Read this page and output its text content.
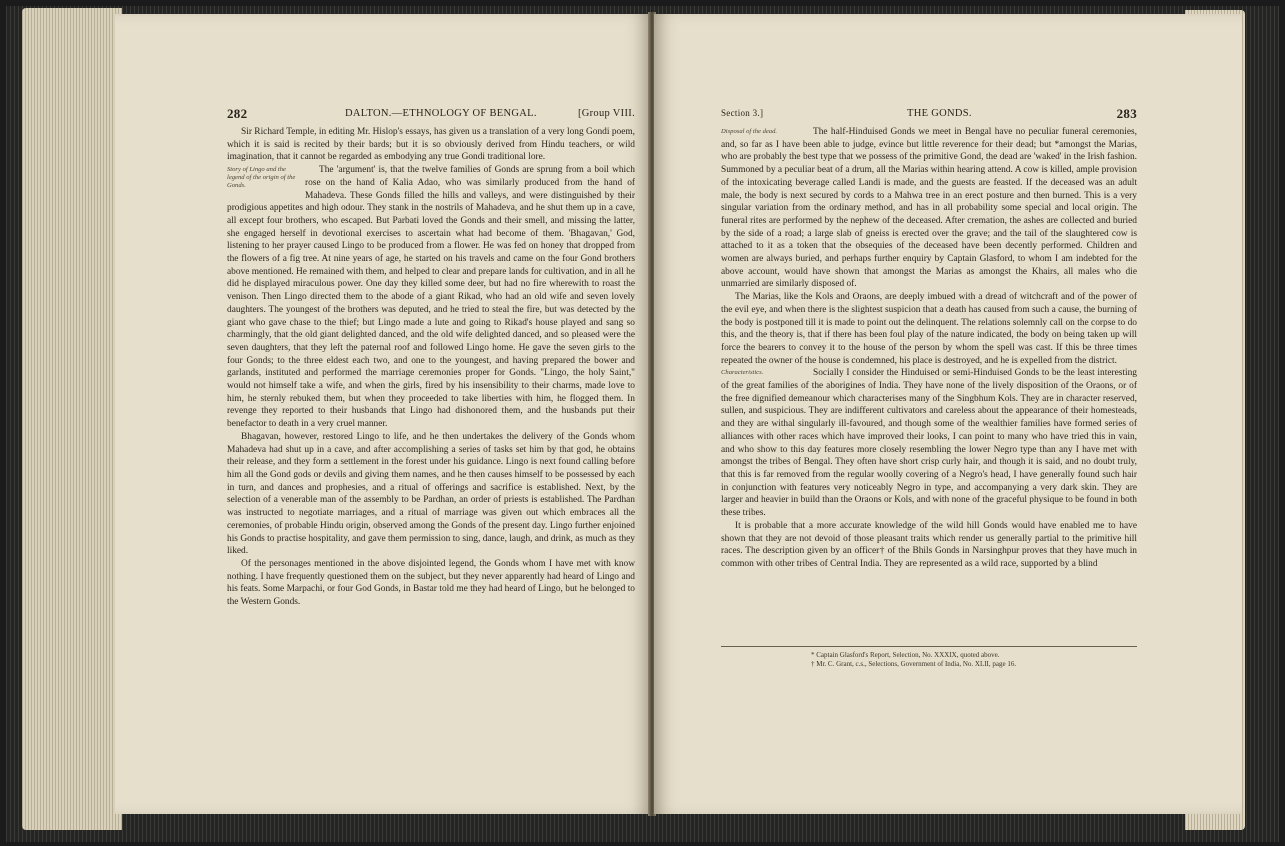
282	DALTON.—ETHNOLOGY OF BENGAL.	[Group VIII.

Sir Richard Temple, in editing Mr. Hislop's essays, has given us a translation of a very long Gondi poem, which it is said is recited by their bards; but it is so obviously derived from Hindu teachers, or wild imagination, that it cannot be regarded as embodying any true Gondi traditional lore.

Story of Lingo and the legend of the origin of the Gonds.

The 'argument' is, that the twelve families of Gonds are sprung from a boil which rose on the hand of Kalia Adao, who was similarly produced from the hand of Mahadeva. These Gonds filled the hills and valleys, and were distinguished by their prodigious appetites and high odour. They stank in the nostrils of Mahadeva, and he shut them up in a cave, all except four brothers, who escaped. But Parbati loved the Gonds and their smell, and missing the latter, she engaged herself in devotional exercises to ascertain what had become of them. 'Bhagavan,' God, listening to her prayer caused Lingo to be produced from a flower. He was fed on honey that dropped from the flowers of a fig tree. At nine years of age, he started on his travels and came on the four Gond brothers above mentioned. He remained with them, and helped to clear and prepare lands for cultivation, and in all he did he displayed miraculous power. One day they killed some deer, but had no fire wherewith to roast the venison. Then Lingo directed them to the abode of a giant Rikad, who had an old wife and seven lovely daughters. The youngest of the brothers was deputed, and he tried to steal the fire, but was detected by the giant who gave chase to the thief; but Lingo made a lute and going to Rikad's house played and sang so charmingly, that the old giant delighted danced, and the old wife delighted danced, and so pleased were the seven daughters, that they left the paternal roof and followed Lingo home. He gave the seven girls to the four Gonds; to the three eldest each two, and one to the youngest, and having prepared the bower and garlands, instituted and performed the marriage ceremonies proper for Gonds. "Lingo, the holy Saint," would not himself take a wife, and when the girls, fired by his insensibility to their charms, made love to him, he sternly rebuked them, but when they proceeded to take liberties with him, he flogged them. In revenge they reported to their husbands that Lingo had dishonored them, and the husbands put their benefactor to death in a very cruel manner.

Bhagavan, however, restored Lingo to life, and he then undertakes the delivery of the Gonds whom Mahadeva had shut up in a cave, and after accomplishing a series of tasks set him by that god, he obtains their release, and they form a settlement in the forest under his guidance. Lingo is next found calling before him all the Gond gods or devils and giving them names, and he then causes himself to be possessed by each in turn, and dances and prophesies, and a ritual of offerings and sacrifice is established. Next, by the selection of a venerable man of the assembly to be Pardhan, an order of priests is established. The Pardhan was instructed to negotiate marriages, and a ritual of marriage was given out which embraces all the ceremonies, of probable Hindu origin, observed among the Gonds of the present day. Lingo further enjoined his Gonds to practise hospitality, and gave them permission to sing, dance, laugh, and drink, as much as they liked.

Of the personages mentioned in the above disjointed legend, the Gonds whom I have met with know nothing. I have frequently questioned them on the subject, but they never apparently had heard of Lingo and his feats. Some Marpachi, or four God Gonds, in Bastar told me they had heard of Lingo, but he belonged to the Western Gonds.

Section 3.]	THE GONDS.	283
Disposal of the dead.	The half-Hinduised Gonds we meet in Bengal have no peculiar funeral ceremonies, and, so far as I have been able to judge, evince but little reverence for their dead; but *amongst the Marias, who are probably the best type that we possess of the primitive Gond, the dead are 'waked' in the Irish fashion. Summoned by a peculiar beat of a drum, all the Marias within hearing attend. A cow is killed, ample provision of the intoxicating beverage called Landi is made, and the guests are feasted. If the deceased was an adult male, the body is next secured by cords to a Mahwa tree in an erect posture and then burned. This is a very singular variation from the ordinary method, and has in all probability some special and local origin. The funeral rites are performed by the nephew of the deceased. After cremation, the ashes are collected and buried by the side of a road; a large slab of gneiss is erected over the grave; and the tail of the slaughtered cow is attached to it as a token that the obsequies of the deceased have been decently performed. Children and women are always buried, and perhaps further enquiry by Captain Glasford, to whom I am indebted for the above account, would have shown that amongst the Marias as amongst the Khairs, all males who die unmarried are similarly disposed of.

The Marias, like the Kols and Oraons, are deeply imbued with a dread of witchcraft and of the power of the evil eye, and when there is the slightest suspicion that a death has caused from such a cause, the burning of the body is postponed till it is made to point out the delinquent. The relations solemnly call on the corpse to do this, and the theory is, that if there has been foul play of the nature indicated, the body on being taken up will force the bearers to convey it to the house of the person by whom the spell was cast. If this be three times repeated the owner of the house is condemned, his place is destroyed, and he is expelled from the district.

Characteristics.	Socially I consider the Hinduised or semi-Hinduised Gonds to be the least interesting of the great families of the aborigines of India. They have none of the lively disposition of the Oraons, or of the free dignified demeanour which characterises many of the Singbhum Kols. They are in character reserved, sullen, and suspicious. They are indifferent cultivators and careless about the appearance of their homesteads, and they are withal singularly ill-favoured, and though some of the wealthier families have formed series of alliances with other races which have improved their looks, I can point to many who have tried this in vain, and who show to this day features more closely resembling the lower Negro type than any I have met with amongst the tribes of Bengal. They often have short crisp curly hair, and though it is said, and no doubt truly, that this is far removed from the regular woolly covering of a Negro's head, I have generally found such hair in conjunction with features very noticeably Negro in type, and accompanying a very dark skin. They are larger and heavier in build than the Oraons or Kols, and with none of the graceful physique to be found in both these tribes.

It is probable that a more accurate knowledge of the wild hill Gonds would have enabled me to have shown that they are not devoid of those pleasant traits which render us generally partial to the primitive hill races. The description given by an officer† of the Bhils Gonds in Narsinghpur proves that they have much in common with other tribes of Central India. They are represented as a wild race, supported by a blind

* Captain Glasford's Report, Selection, No. XXXIX, quoted above.
† Mr. C. Grant, c.s., Selections, Government of India, No. XLII, page 16.
